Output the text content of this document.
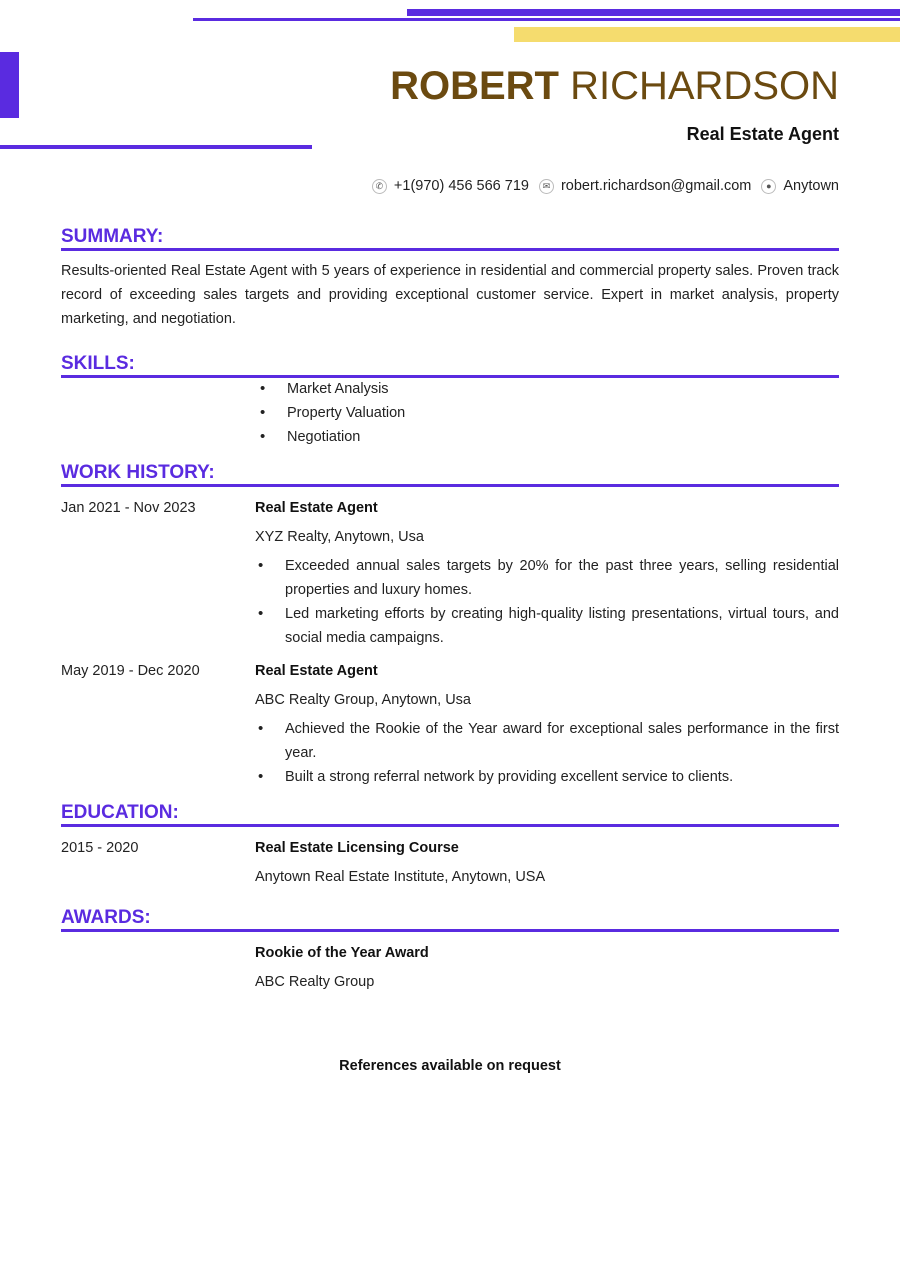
ROBERT RICHARDSON
Real Estate Agent
✆ +1(970) 456 566 719	✉ robert.richardson@gmail.com	● Anytown
SUMMARY:
Results-oriented Real Estate Agent with 5 years of experience in residential and commercial property sales. Proven track record of exceeding sales targets and providing exceptional customer service. Expert in market analysis, property marketing, and negotiation.
SKILLS:
• Market Analysis
• Property Valuation
• Negotiation
WORK HISTORY:
Jan 2021 - Nov 2023	Real Estate Agent
XYZ Realty, Anytown, Usa
• Exceeded annual sales targets by 20% for the past three years, selling residential properties and luxury homes.
• Led marketing efforts by creating high-quality listing presentations, virtual tours, and social media campaigns.
May 2019 - Dec 2020	Real Estate Agent
ABC Realty Group, Anytown, Usa
• Achieved the Rookie of the Year award for exceptional sales performance in the first year.
• Built a strong referral network by providing excellent service to clients.
EDUCATION:
2015 - 2020	Real Estate Licensing Course
Anytown Real Estate Institute, Anytown, USA
AWARDS:
Rookie of the Year Award
ABC Realty Group
References available on request
